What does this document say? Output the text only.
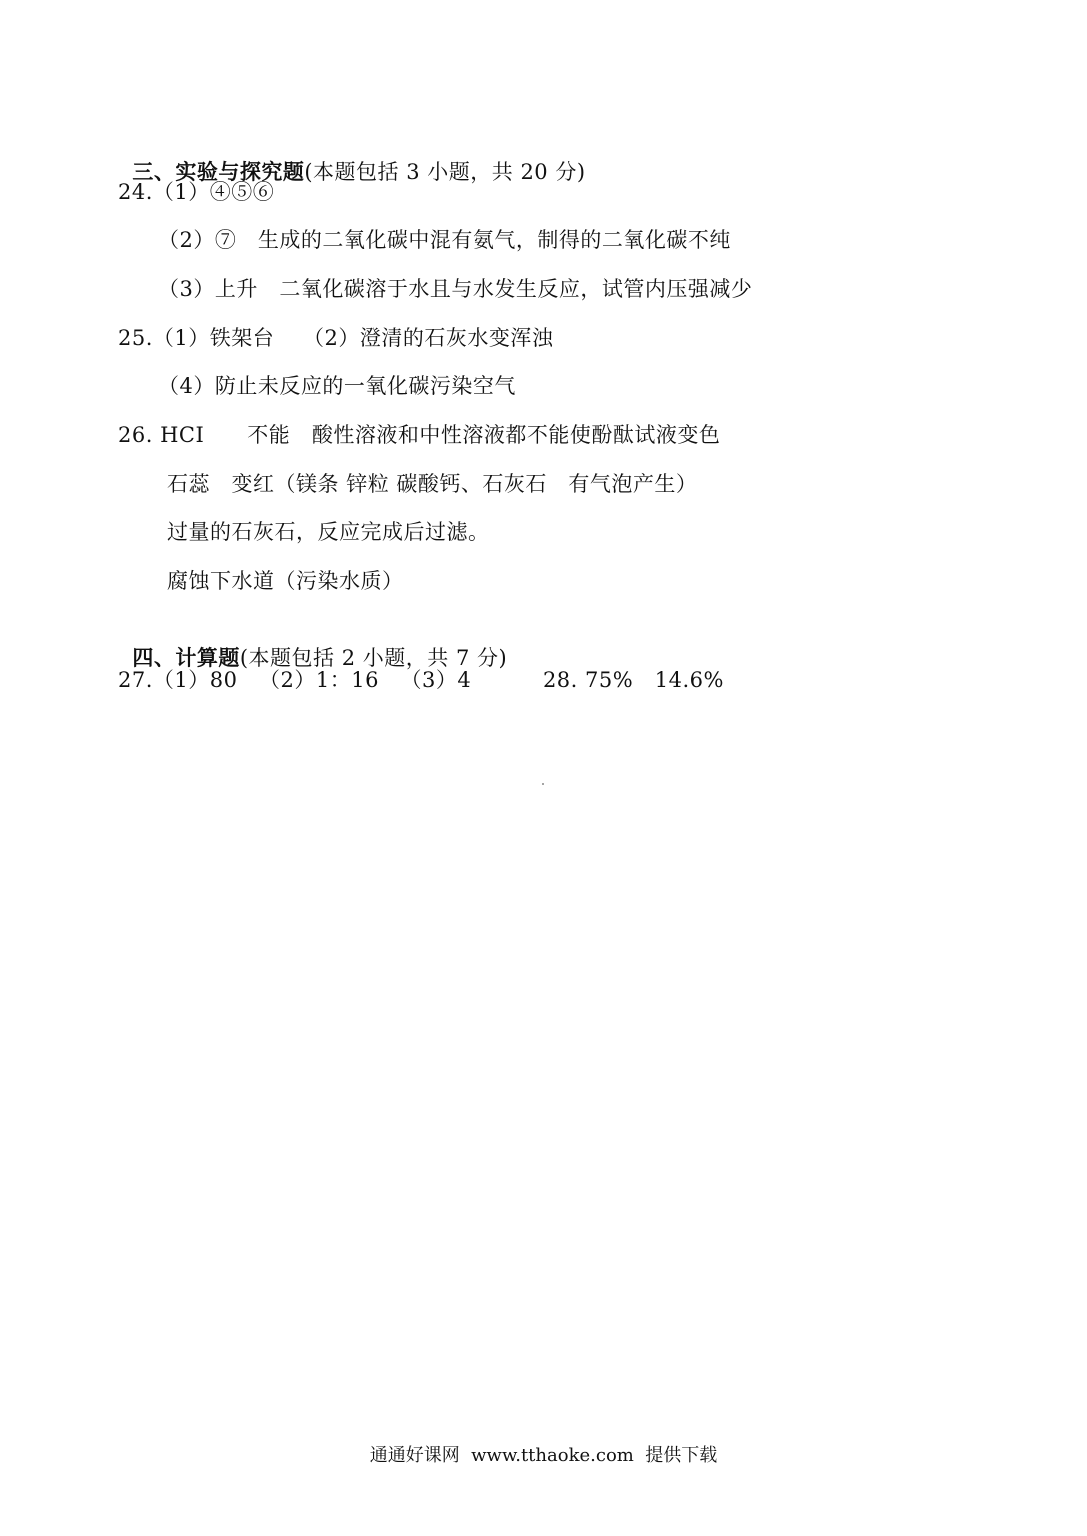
三、实验与探究题(本题包括 3 小题，共 20 分)

24.（1）④⑤⑥
（2）⑦   生成的二氧化碳中混有氨气，制得的二氧化碳不纯
（3）上升   二氧化碳溶于水且与水发生反应，试管内压强减少
25.（1）铁架台    （2）澄清的石灰水变浑浊
（4）防止未反应的一氧化碳污染空气
26. HCI      不能   酸性溶液和中性溶液都不能使酚酞试液变色
石蕊   变红（镁条 锌粒 碳酸钙、石灰石   有气泡产生）
过量的石灰石，反应完成后过滤。
腐蚀下水道（污染水质）

四、计算题(本题包括 2 小题，共 7 分)

27.（1）80   （2）1：16   （3）4          28. 75%   14.6%
通通好课网  www.tthaoke.com  提供下载
